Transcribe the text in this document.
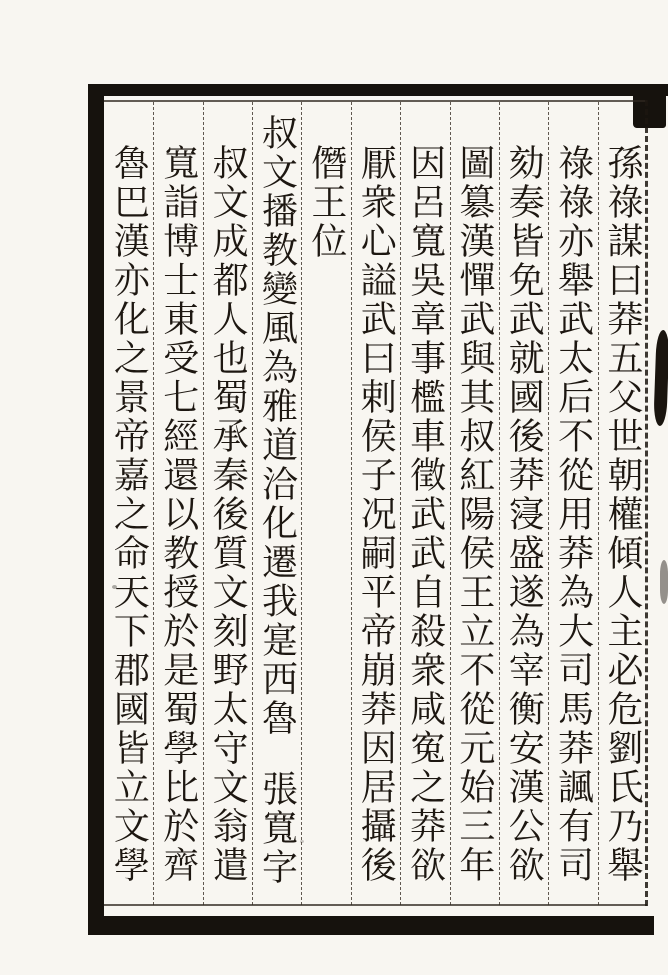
孫祿謀曰莽五父世朝權傾人主必危劉氏乃舉
祿祿亦舉武太后不從用莽為大司馬莽諷有司
劾奏皆免武就國後莽寖盛遂為宰衡安漢公欲
圖簒漢憚武與其叔紅陽侯王立不從元始三年
因呂寬吳章事檻車徵武武自殺衆咸寃之莽欲
厭衆心謚武曰剌侯子况嗣平帝崩莽因居攝後
僭王位
叔文播教變風為雅道洽化遷我寔西魯張寬字
叔文成都人也蜀承秦後質文刻野太守文翁遣
寬詣博士東受七經還以教授於是蜀學比於齊
魯巴漢亦化之景帝嘉之命天下郡國皆立文學
